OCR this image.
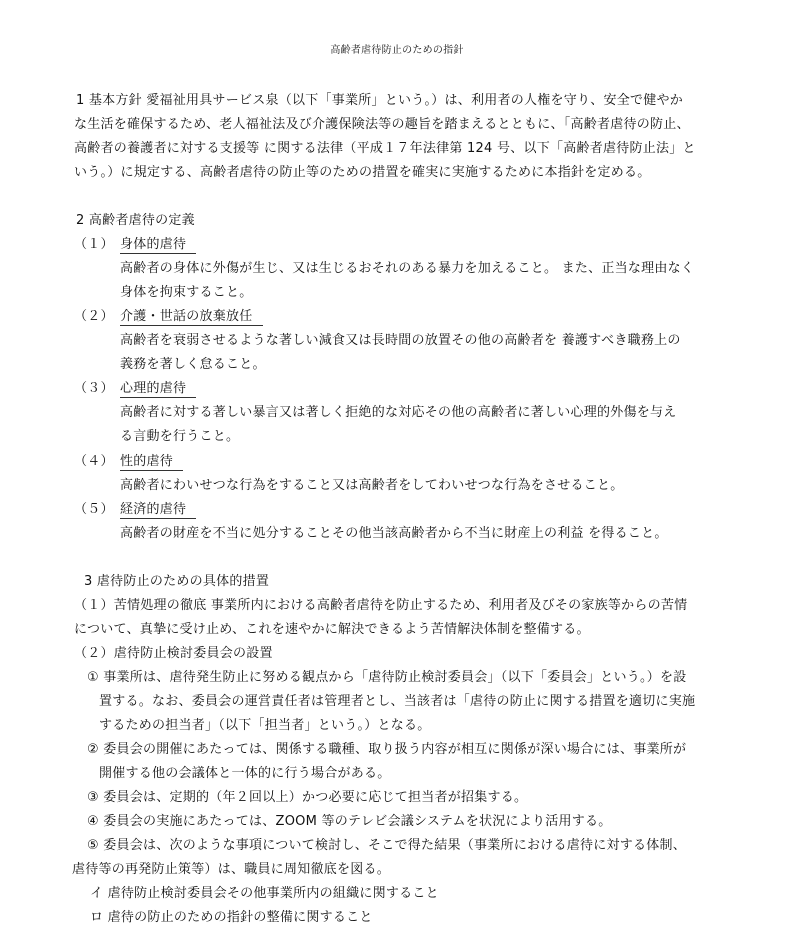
高齢者虐待防止のための指針
1 基本方針 愛福祉用具サービス泉（以下「事業所」という。）は、利用者の人権を守り、安全で健やか
な生活を確保するため、老人福祉法及び介護保険法等の趣旨を踏まえるとともに、「高齢者虐待の防止、
高齢者の養護者に対する支援等 に関する法律（平成１７年法律第 124 号、以下「高齢者虐待防止法」と
いう。）に規定する、高齢者虐待の防止等のための措置を確実に実施するために本指針を定める。
2 高齢者虐待の定義
（１） 身体的虐待
高齢者の身体に外傷が生じ、又は生じるおそれのある暴力を加えること。 また、正当な理由なく
身体を拘束すること。
（２） 介護・世話の放棄放任
高齢者を衰弱させるような著しい減食又は長時間の放置その他の高齢者を 養護すべき職務上の
義務を著しく怠ること。
（３） 心理的虐待
高齢者に対する著しい暴言又は著しく拒絶的な対応その他の高齢者に著しい心理的外傷を与え
る言動を行うこと。
（４） 性的虐待
高齢者にわいせつな行為をすること又は高齢者をしてわいせつな行為をさせること。
（５） 経済的虐待
高齢者の財産を不当に処分することその他当該高齢者から不当に財産上の利益 を得ること。
3 虐待防止のための具体的措置
（１）苦情処理の徹底 事業所内における高齢者虐待を防止するため、利用者及びその家族等からの苦情
について、真摯に受け止め、これを速やかに解決できるよう苦情解決体制を整備する。
（２）虐待防止検討委員会の設置
① 事業所は、虐待発生防止に努める観点から「虐待防止検討委員会」（以下「委員会」という。）を設
置する。なお、委員会の運営責任者は管理者とし、当該者は「虐待の防止に関する措置を適切に実施
するための担当者」（以下「担当者」という。）となる。
② 委員会の開催にあたっては、関係する職種、取り扱う内容が相互に関係が深い場合には、事業所が
開催する他の会議体と一体的に行う場合がある。
③ 委員会は、定期的（年２回以上）かつ必要に応じて担当者が招集する。
④ 委員会の実施にあたっては、ZOOM 等のテレビ会議システムを状況により活用する。
⑤ 委員会は、次のような事項について検討し、そこで得た結果（事業所における虐待に対する体制、
虐待等の再発防止策等）は、職員に周知徹底を図る。
イ 虐待防止検討委員会その他事業所内の組織に関すること
ロ 虐待の防止のための指針の整備に関すること
